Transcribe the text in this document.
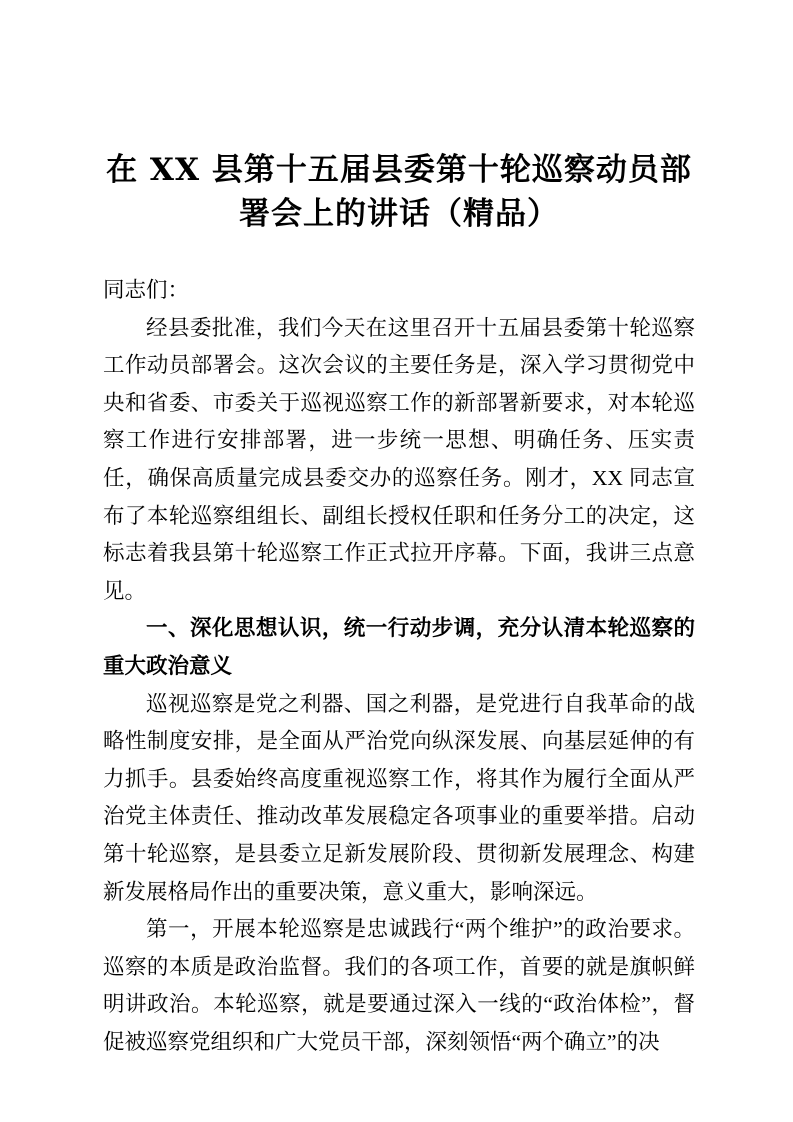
在 XX 县第十五届县委第十轮巡察动员部
署会上的讲话（精品）

同志们：

经县委批准，我们今天在这里召开十五届县委第十轮巡察工作动员部署会。这次会议的主要任务是，深入学习贯彻党中央和省委、市委关于巡视巡察工作的新部署新要求，对本轮巡察工作进行安排部署，进一步统一思想、明确任务、压实责任，确保高质量完成县委交办的巡察任务。刚才，XX 同志宣布了本轮巡察组组长、副组长授权任职和任务分工的决定，这标志着我县第十轮巡察工作正式拉开序幕。下面，我讲三点意见。

一、深化思想认识，统一行动步调，充分认清本轮巡察的重大政治意义

巡视巡察是党之利器、国之利器，是党进行自我革命的战略性制度安排，是全面从严治党向纵深发展、向基层延伸的有力抓手。县委始终高度重视巡察工作，将其作为履行全面从严治党主体责任、推动改革发展稳定各项事业的重要举措。启动第十轮巡察，是县委立足新发展阶段、贯彻新发展理念、构建新发展格局作出的重要决策，意义重大，影响深远。

第一，开展本轮巡察是忠诚践行“两个维护”的政治要求。巡察的本质是政治监督。我们的各项工作，首要的就是旗帜鲜明讲政治。本轮巡察，就是要通过深入一线的“政治体检”，督促被巡察党组织和广大党员干部，深刻领悟“两个确立”的决
